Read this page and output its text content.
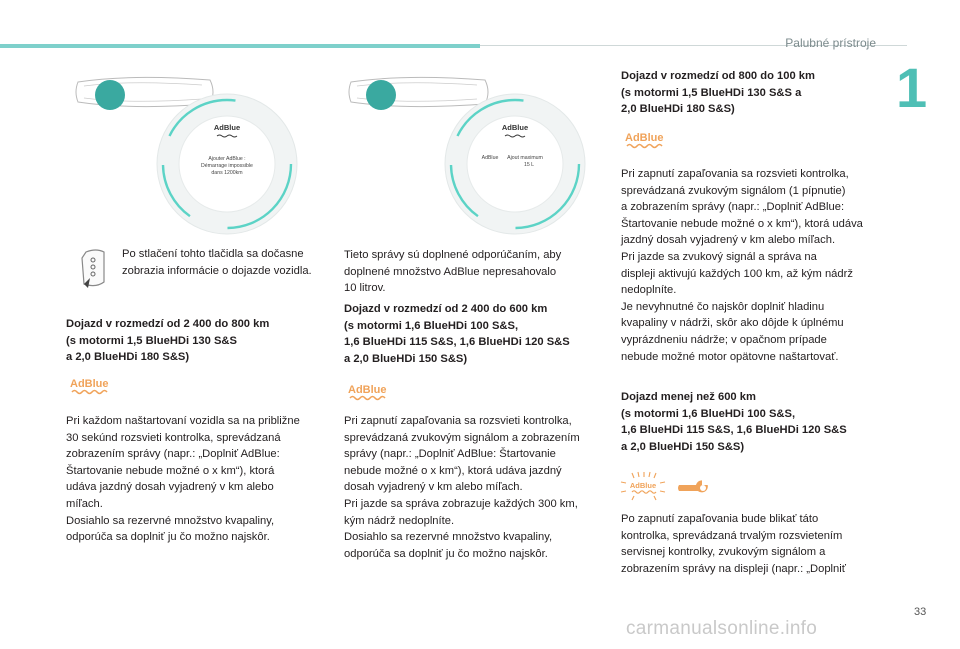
Palubné prístroje
1
AdBlue
Ajouter AdBlue :
Démarrage impossible
dans 1200km
AdBlue
AdBlue Ajout maximum
15 L
Po stlačení tohto tlačidla sa dočasne zobrazia informácie o dojazde vozidla.
Dojazd v rozmedzí od 2 400 do 800 km
(s motormi 1,5 BlueHDi 130 S&S
a 2,0 BlueHDi 180 S&S)
AdBlue
Pri každom naštartovaní vozidla sa na približne
30 sekúnd rozsvieti kontrolka, sprevádzaná
zobrazením správy (napr.: „Doplniť AdBlue:
Štartovanie nebude možné o x km“), ktorá
udáva jazdný dosah vyjadrený v km alebo
míľach.
Dosiahlo sa rezervné množstvo kvapaliny,
odporúča sa doplniť ju čo možno najskôr.
Tieto správy sú doplnené odporúčaním, aby
doplnené množstvo AdBlue nepresahovalo
10 litrov.
Dojazd v rozmedzí od 2 400 do 600 km
(s motormi 1,6 BlueHDi 100 S&S,
1,6 BlueHDi 115 S&S, 1,6 BlueHDi 120 S&S
a 2,0 BlueHDi 150 S&S)
AdBlue
Pri zapnutí zapaľovania sa rozsvieti kontrolka,
sprevádzaná zvukovým signálom a zobrazením
správy (napr.: „Doplniť AdBlue: Štartovanie
nebude možné o x km“), ktorá udáva jazdný
dosah vyjadrený v km alebo míľach.
Pri jazde sa správa zobrazuje každých 300 km,
kým nádrž nedoplníte.
Dosiahlo sa rezervné množstvo kvapaliny,
odporúča sa doplniť ju čo možno najskôr.
Dojazd v rozmedzí od 800 do 100 km
(s motormi 1,5 BlueHDi 130 S&S a
2,0 BlueHDi 180 S&S)
AdBlue
Pri zapnutí zapaľovania sa rozsvieti kontrolka,
sprevádzaná zvukovým signálom (1 pípnutie)
a zobrazením správy (napr.: „Doplniť AdBlue:
Štartovanie nebude možné o x km“), ktorá udáva
jazdný dosah vyjadrený v km alebo míľach.
Pri jazde sa zvukový signál a správa na
displeji aktivujú každých 100 km, až kým nádrž
nedoplníte.
Je nevyhnutné čo najskôr doplniť hladinu
kvapaliny v nádrži, skôr ako dôjde k úplnému
vyprázdneniu nádrže; v opačnom prípade
nebude možné motor opätovne naštartovať.
Dojazd menej než 600 km
(s motormi 1,6 BlueHDi 100 S&S,
1,6 BlueHDi 115 S&S, 1,6 BlueHDi 120 S&S
a 2,0 BlueHDi 150 S&S)
AdBlue
Po zapnutí zapaľovania bude blikať táto
kontrolka, sprevádzaná trvalým rozsvietením
servisnej kontrolky, zvukovým signálom a
zobrazením správy na displeji (napr.: „Doplniť
33
carmanualsonline.info
